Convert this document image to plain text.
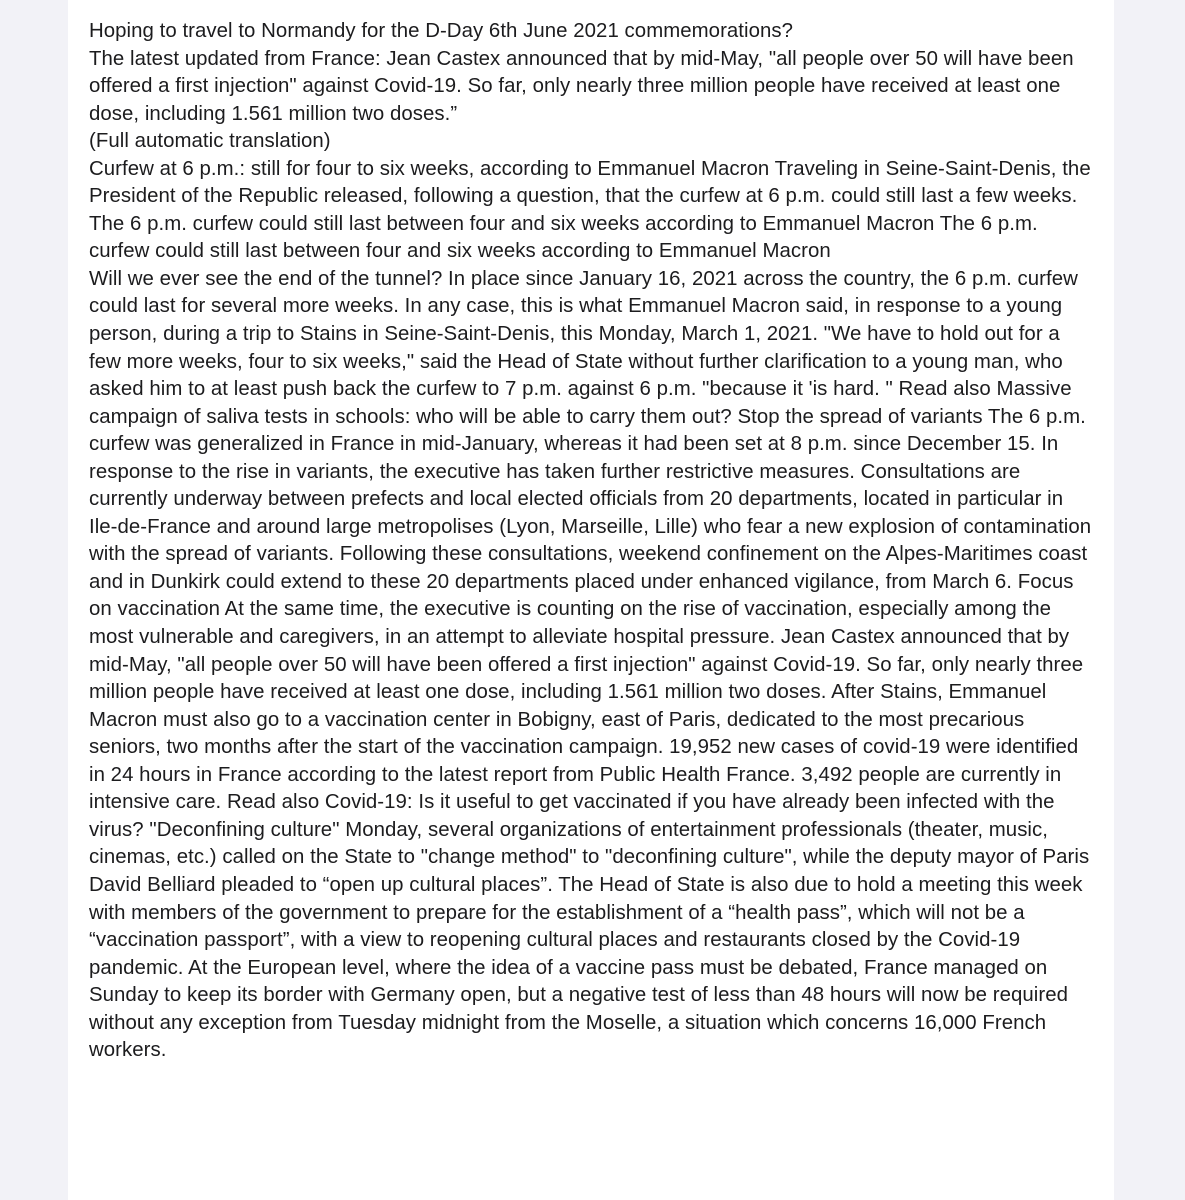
Hoping to travel to Normandy for the D-Day 6th June 2021 commemorations?

The latest updated from France: Jean Castex announced that by mid-May, "all people over 50 will have been offered a first injection" against Covid-19. So far, only nearly three million people have received at least one dose, including 1.561 million two doses.”

(Full automatic translation)

Curfew at 6 p.m.: still for four to six weeks, according to Emmanuel Macron Traveling in Seine-Saint-Denis, the President of the Republic released, following a question, that the curfew at 6 p.m. could still last a few weeks. The 6 p.m. curfew could still last between four and six weeks according to Emmanuel Macron The 6 p.m. curfew could still last between four and six weeks according to Emmanuel Macron

Will we ever see the end of the tunnel? In place since January 16, 2021 across the country, the 6 p.m. curfew could last for several more weeks. In any case, this is what Emmanuel Macron said, in response to a young person, during a trip to Stains in Seine-Saint-Denis, this Monday, March 1, 2021. "We have to hold out for a few more weeks, four to six weeks," said the Head of State without further clarification to a young man, who asked him to at least push back the curfew to 7 p.m. against 6 p.m. "because it 'is hard. " Read also Massive campaign of saliva tests in schools: who will be able to carry them out? Stop the spread of variants The 6 p.m. curfew was generalized in France in mid-January, whereas it had been set at 8 p.m. since December 15. In response to the rise in variants, the executive has taken further restrictive measures. Consultations are currently underway between prefects and local elected officials from 20 departments, located in particular in Ile-de-France and around large metropolises (Lyon, Marseille, Lille) who fear a new explosion of contamination with the spread of variants. Following these consultations, weekend confinement on the Alpes-Maritimes coast and in Dunkirk could extend to these 20 departments placed under enhanced vigilance, from March 6. Focus on vaccination At the same time, the executive is counting on the rise of vaccination, especially among the most vulnerable and caregivers, in an attempt to alleviate hospital pressure. Jean Castex announced that by mid-May, "all people over 50 will have been offered a first injection" against Covid-19. So far, only nearly three million people have received at least one dose, including 1.561 million two doses. After Stains, Emmanuel Macron must also go to a vaccination center in Bobigny, east of Paris, dedicated to the most precarious seniors, two months after the start of the vaccination campaign. 19,952 new cases of covid-19 were identified in 24 hours in France according to the latest report from Public Health France. 3,492 people are currently in intensive care. Read also Covid-19: Is it useful to get vaccinated if you have already been infected with the virus? "Deconfining culture" Monday, several organizations of entertainment professionals (theater, music, cinemas, etc.) called on the State to "change method" to "deconfining culture", while the deputy mayor of Paris David Belliard pleaded to “open up cultural places”. The Head of State is also due to hold a meeting this week with members of the government to prepare for the establishment of a “health pass”, which will not be a “vaccination passport”, with a view to reopening cultural places and restaurants closed by the Covid-19 pandemic. At the European level, where the idea of a vaccine pass must be debated, France managed on Sunday to keep its border with Germany open, but a negative test of less than 48 hours will now be required without any exception from Tuesday midnight from the Moselle, a situation which concerns 16,000 French workers.
